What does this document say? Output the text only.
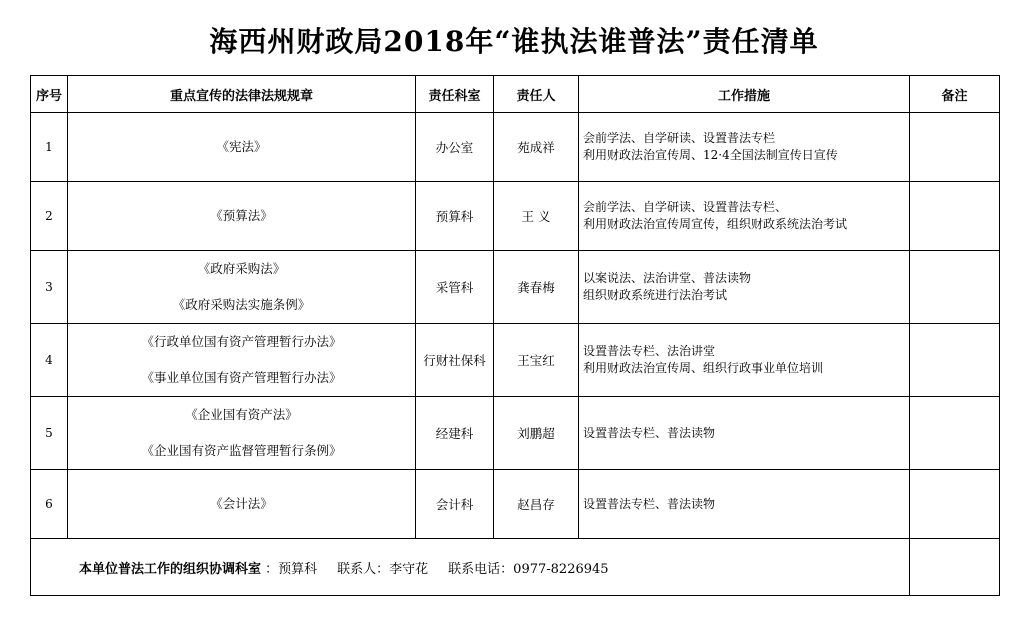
海西州财政局2018年“谁执法谁普法”责任清单
序号	重点宣传的法律法规规章	责任科室	责任人	工作措施	备注
1	《宪法》	办公室	苑成祥	会前学法、自学研读、设置普法专栏
利用财政法治宣传周、12·4全国法制宣传日宣传	

2	《预算法》	预算科	王 义	会前学法、自学研读、设置普法专栏、
利用财政法治宣传周宣传，组织财政系统法治考试	

3	《政府采购法》
《政府采购法实施条例》	采管科	龚春梅	以案说法、法治讲堂、普法读物
组织财政系统进行法治考试	

4	《行政单位国有资产管理暂行办法》
《事业单位国有资产管理暂行办法》	行财社保科	王宝红	设置普法专栏、法治讲堂
利用财政法治宣传周、组织行政事业单位培训	

5	《企业国有资产法》
《企业国有资产监督管理暂行条例》	经建科	刘鹏超	设置普法专栏、普法读物	

6	《会计法》	会计科	赵昌存	设置普法专栏、普法读物	

本单位普法工作的组织协调科室 ：预算科 联系人：李守花 联系电话：0977-8226945					
